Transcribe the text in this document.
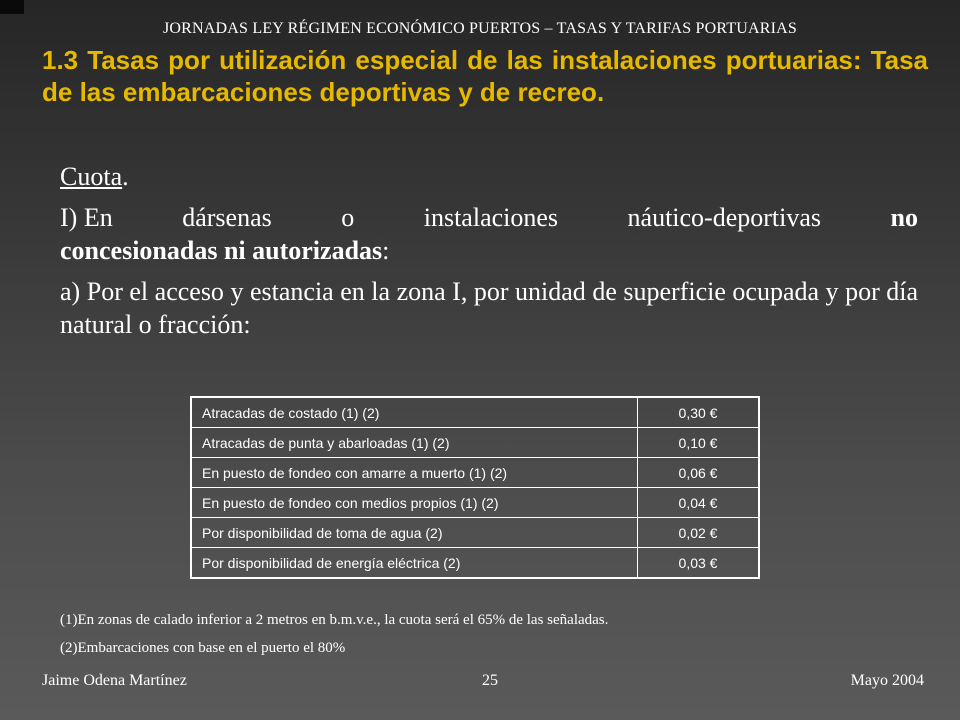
JORNADAS LEY RÉGIMEN ECONÓMICO PUERTOS – TASAS Y TARIFAS PORTUARIAS
1.3 Tasas por utilización especial de las instalaciones portuarias: Tasa de las embarcaciones deportivas y de recreo.

Cuota.

I) En	dársenas	o	instalaciones	náutico-deportivas	no
concesionadas ni autorizadas:

a) Por el acceso y estancia en la zona I, por unidad de superficie ocupada y por día natural o fracción:

Atracadas de costado (1) (2)	0,30 €
Atracadas de punta y abarloadas (1) (2)	0,10 €
En puesto de fondeo con amarre a muerto (1) (2)	0,06 €
En puesto de fondeo con medios propios (1) (2)	0,04 €
Por disponibilidad de toma de agua (2)	0,02 €
Por disponibilidad de energía eléctrica (2)	0,03 €
(1)En zonas de calado inferior a 2 metros en b.m.v.e., la cuota será el 65% de las señaladas.
(2)Embarcaciones con base en el puerto el 80%
Jaime Odena Martínez	25	Mayo 2004
